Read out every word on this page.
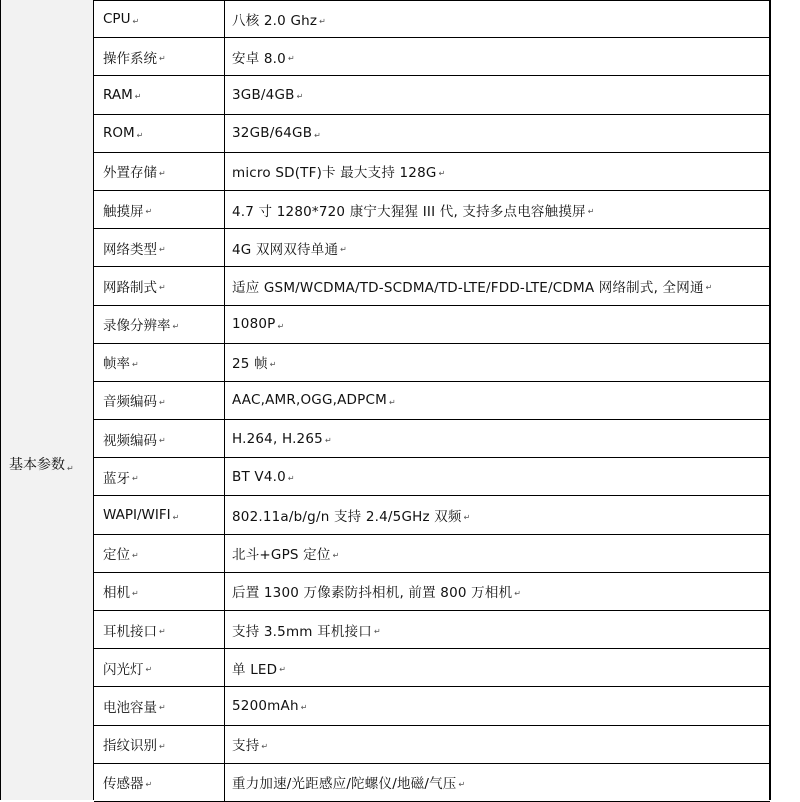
基本参数 ↵
CPU ↵	八核 2.0 Ghz ↵
操作系统 ↵	安卓 8.0 ↵
RAM ↵	3GB/4GB ↵
ROM ↵	32GB/64GB ↵
外置存储 ↵	micro SD(TF)卡 最大支持 128G ↵
触摸屏 ↵	4.7 寸 1280*720 康宁大猩猩 III 代, 支持多点电容触摸屏 ↵
网络类型 ↵	4G 双网双待单通 ↵
网路制式 ↵	适应 GSM/WCDMA/TD-SCDMA/TD-LTE/FDD-LTE/CDMA 网络制式, 全网通 ↵
录像分辨率 ↵	1080P ↵
帧率 ↵	25 帧 ↵
音频编码 ↵	AAC,AMR,OGG,ADPCM ↵
视频编码 ↵	H.264, H.265 ↵
蓝牙 ↵	BT V4.0 ↵
WAPI/WIFI ↵	802.11a/b/g/n 支持 2.4/5GHz 双频 ↵
定位 ↵	北斗+GPS 定位 ↵
相机 ↵	后置 1300 万像素防抖相机, 前置 800 万相机 ↵
耳机接口 ↵	支持 3.5mm 耳机接口 ↵
闪光灯 ↵	单 LED ↵
电池容量 ↵	5200mAh ↵
指纹识别 ↵	支持 ↵
传感器 ↵	重力加速/光距感应/陀螺仪/地磁/气压 ↵
